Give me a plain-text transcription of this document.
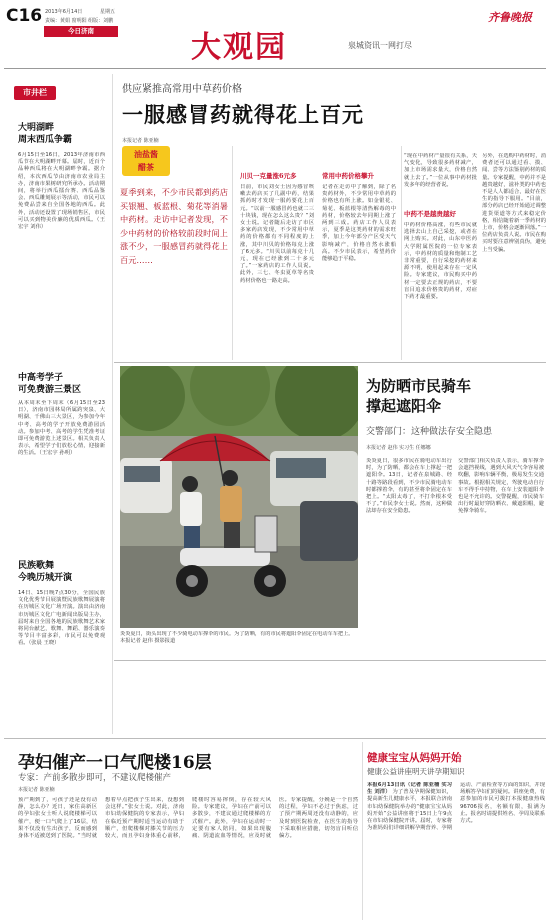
C16 2013年6月14日	星期五
责编：黄娟 窗明阳 组版：刘鹏
今日济南
齐鲁晚报
大观园	泉城资讯一网打尽
市井栏
大明湖畔
周末西瓜争霸
6月15日至16日，2013年济南市西瓜节在大明湖畔开幕。届时，近百个品种西瓜将在大明湖畔争霸。据介绍，本次西瓜节由济南市农业局主办，济南市果树研究所承办。活动期间，将举行西瓜擂台赛、西瓜品鉴会、西瓜雕刻展示等活动，市民可以免费品尝来自全国各地的西瓜。此外，活动还设置了现场销售区，市民可以买到物美价廉的优质西瓜。（王宏宇 刘伟）
中高考学子
可免费游三景区
从本周末至下周末（6月15日至23日），济南市园林局所属趵突泉、大明湖、千佛山三大景区，为参加今年中考、高考的学子开放免费游园活动。参加中考、高考的学生凭准考证即可免费游览上述景区。相关负责人表示，希望学子们放松心情，迎接新的生活。（王宏宇 孙明）
民族歌舞
今晚历城开演
14日、15日晚7点30分，全国民族文化优秀节目展演暨民族歌舞展演将在历城区文化广场开演。演出由济南市历城区文化广电新闻出版局主办，届时来自全国各地的民族歌舞艺术家将同台献艺，歌舞、舞蹈、器乐演奏等节目丰富多彩，市民可以免费观看。（张晨 王晓）
供应紧推高常用中草药价格
一服感冒药就得花上百元
本报记者 陈亚楠
油盐酱
醋茶
夏季到来，不少市民都到药店买银翘、板蓝根、菊花等消暑中药材。走访中记者发现，不少中药材的价格较前段时间上涨不少，一服感冒药就得花上百元……
川贝一克量涨6元多
日前，市民刘女士因为感冒咳嗽去药店买了几副中药，结果抓药时才发现一服药要花上百元。“以前一服感冒药也就二三十块钱，现在怎么这么贵？”刘女士说。记者随后走访了市区多家药店发现，不少常用中草药的价格都有不同程度的上涨，其中川贝的价格每克上涨了6元多。“川贝以前每克十几元，现在已经涨到二十多元了。”一家药店的工作人员说。此外，三七、冬虫夏草等名贵药材价格也一路走高。
常用中药价格攀升
记者在走访中了解到，除了名贵药材外，不少常用中草药的价格也有所上涨。如金银花、菊花、板蓝根等清热解毒的中药材，价格较去年同期上涨了两到三成。药店工作人员表示，夏季是这类药材的需求旺季，加上今年部分产区受天气影响减产，价格自然水涨船高。不少市民表示，希望药价能够趋于平稳。
“现在中药材产量很有关系，天气变化，导致很多药材减产，加上市场需求量大，价格自然就上去了。”一位从事中药材批发多年的经营者说。
中药不是越贵越好
中药材价格高涨，有些市民就选择去山上自己采挖，或者在网上购买。对此，山东中医药大学附属医院的一位专家表示，中药材的质量和炮制工艺非常重要，自行采挖的药材来源不明，使用起来存在一定风险。专家建议，市民购买中药材一定要去正规的药店，不要盲目追求价格贵的药材，对症下药才最重要。
另外，在选购中药材时，消费者还可以通过看、摸、闻、尝等方法鉴别药材的质量。专家提醒，中药并不是越贵越好，滋补类的中药也不是人人都适合，最好在医生的指导下服用。“目前，部分药店已经开始通过调整进货渠道等方式来稳定价格，相信随着新一季药材的上市，价格会逐渐回落。”一位药店负责人说。市民在购买时要注意辨别真伪，避免上当受骗。
炎炎夏日，街头出现了不少骑电动车撑伞的市民。为了防晒，有的市民将遮阳伞固定在电动车车把上。本报记者 赵伟 摄影报道
为防晒市民骑车
撑起遮阳伞
交警部门：这种做法存安全隐患
本报记者 赵伟 实习生 任娜娜
炎炎夏日，很多市民在骑电动车出行时，为了防晒，都会在车上撑起一把遮阳伞。13日，记者在泉城路、经十路等路段看到，不少市民骑电动车时都撑着伞，有的甚至将伞固定在车把上。“太阳太毒了，不打伞根本受不了。”市民李女士说。然而，这种做法却存在安全隐患。
交警部门相关负责人表示，骑车撑伞会遮挡视线，遇到大风天气伞容易被吹翻，影响车辆平衡，极易发生交通事故。根据相关规定，驾驶电动自行车不得手中持物，在车上安装遮阳伞也是不允许的。交警提醒，市民骑车出行时最好穿防晒衣、戴遮阳帽，避免撑伞骑车。
孕妇催产一口气爬楼16层
专家：产前多散步即可，不建议爬楼催产
本报记者 陈亚楠
预产期到了，可孩子还是没有动静，怎么办？近日，家住高新区的孕妇张女士听人说爬楼梯可以催产，便一口气爬上了16层，结果不仅没有生出孩子，反而感到身体不适被送到了医院。“当时就想着早点把孩子生出来，没想到会这样。”张女士说。对此，济南市妇幼保健院的专家表示，孕妇在临近预产期时适当运动有助于顺产，但爬楼梯对膝关节的压力较大，而且孕妇身体重心前移，爬楼时容易摔倒，存在较大风险。专家建议，孕妇在产前可以多散步，不建议通过爬楼梯的方式催产。此外，孕妇在运动时一定要有家人陪同，如果出现腹痛、阴道流血等情况，应及时就医。专家提醒，分娩是一个自然的过程，孕妇不必过于焦虑，过了预产期两周还没有动静的，应及时到医院检查，在医生的指导下采取相应措施，切勿盲目听信偏方。
健康宝宝从妈妈开始
健康公益讲座明天讲孕期知识
本报6月13日讯（记者 陈亚楠 实习生 刘洋） 为了普及孕期保健知识，提高新生儿健康水平，本报联合济南市妇幼保健院举办的“健康宝宝从妈妈开始”公益讲座将于15日上午9点在市妇幼保健院开讲。届时，专家将为准妈妈们详细讲解孕期营养、孕期运动、产前检查等方面的知识，并现场解答孕妇们的疑问。讲座免费，有意参加的市民可拨打本报健康热线96706报名，名额有限，报满为止。报名时请提供姓名、孕周及联系方式。
